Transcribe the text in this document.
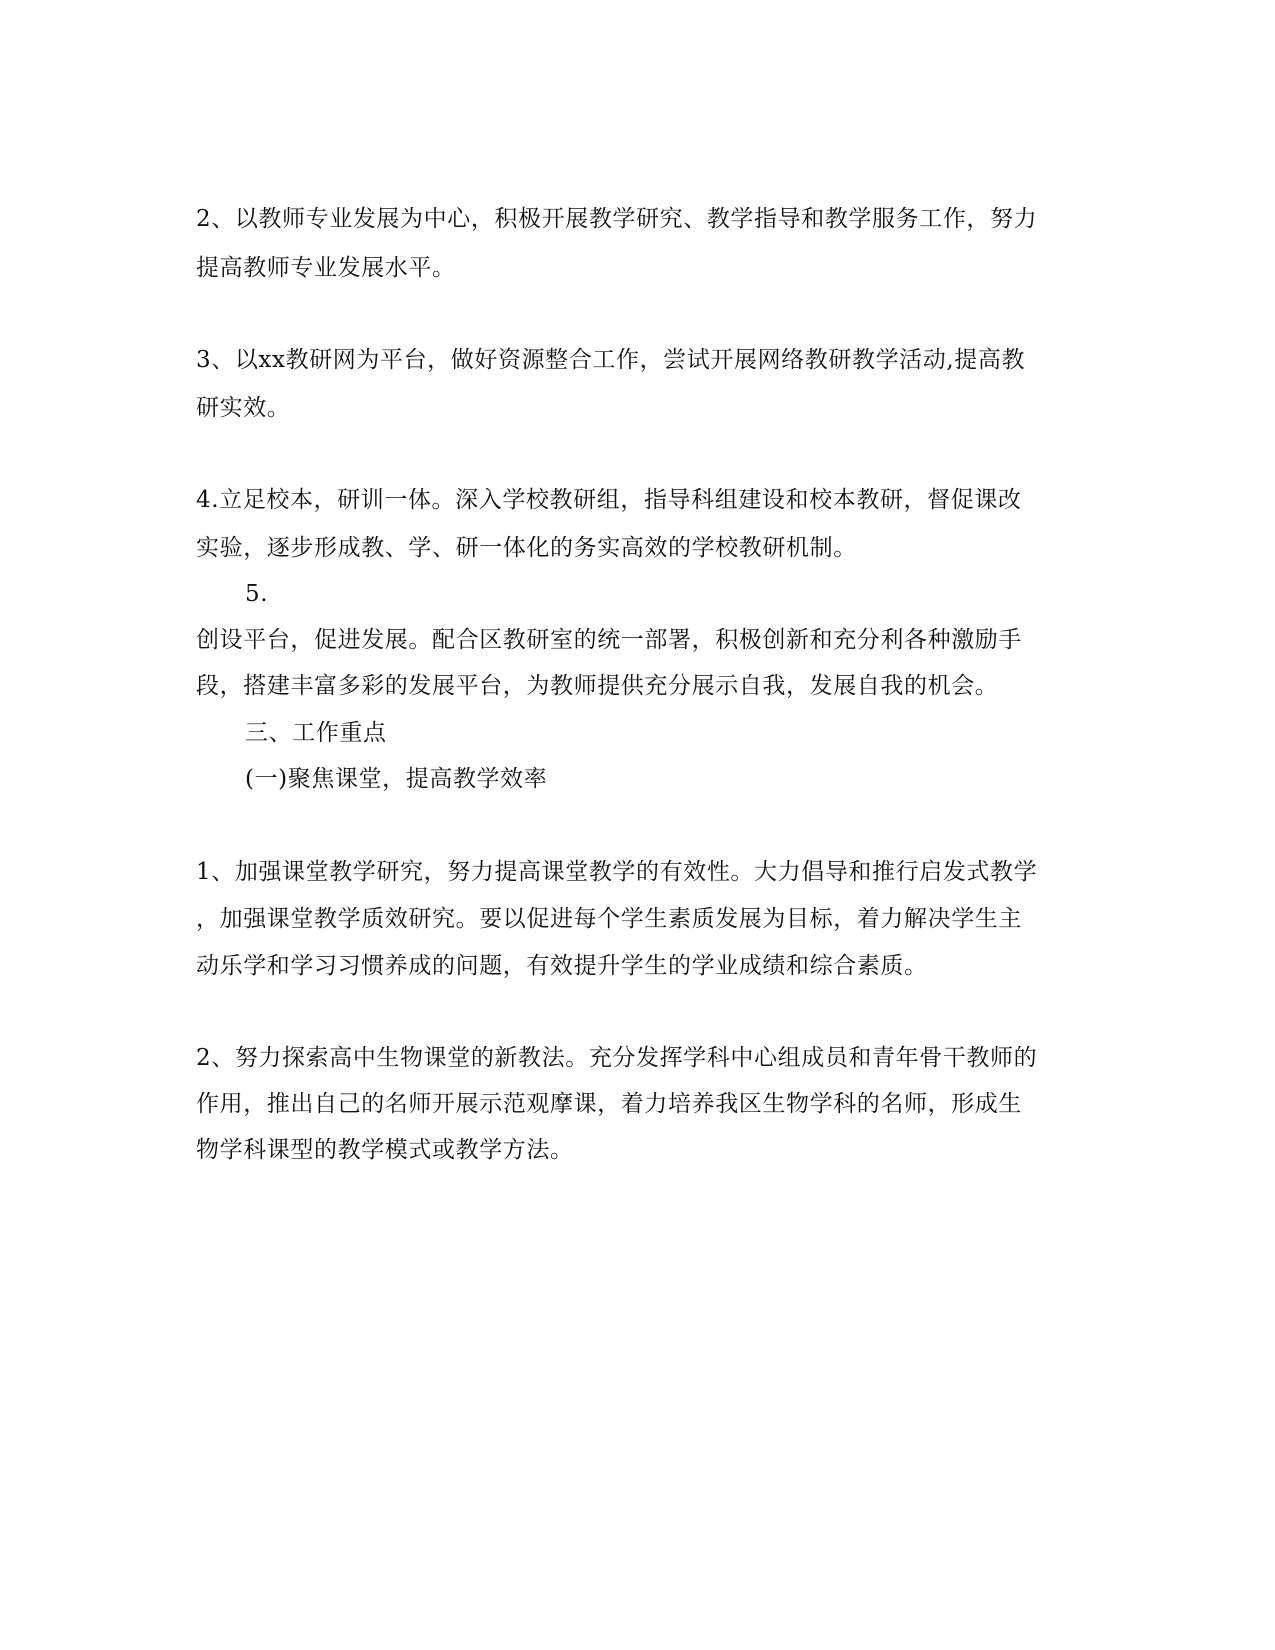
2、以教师专业发展为中心，积极开展教学研究、教学指导和教学服务工作，努力
提高教师专业发展水平。
3、以xx教研网为平台，做好资源整合工作，尝试开展网络教研教学活动,提高教
研实效。
4.立足校本，研训一体。深入学校教研组，指导科组建设和校本教研，督促课改
实验，逐步形成教、学、研一体化的务实高效的学校教研机制。
5.
创设平台，促进发展。配合区教研室的统一部署，积极创新和充分利各种激励手
段，搭建丰富多彩的发展平台，为教师提供充分展示自我，发展自我的机会。
三、工作重点
(一)聚焦课堂，提高教学效率
1、加强课堂教学研究，努力提高课堂教学的有效性。大力倡导和推行启发式教学
，加强课堂教学质效研究。要以促进每个学生素质发展为目标，着力解决学生主
动乐学和学习习惯养成的问题，有效提升学生的学业成绩和综合素质。
2、努力探索高中生物课堂的新教法。充分发挥学科中心组成员和青年骨干教师的
作用，推出自己的名师开展示范观摩课，着力培养我区生物学科的名师，形成生
物学科课型的教学模式或教学方法。
